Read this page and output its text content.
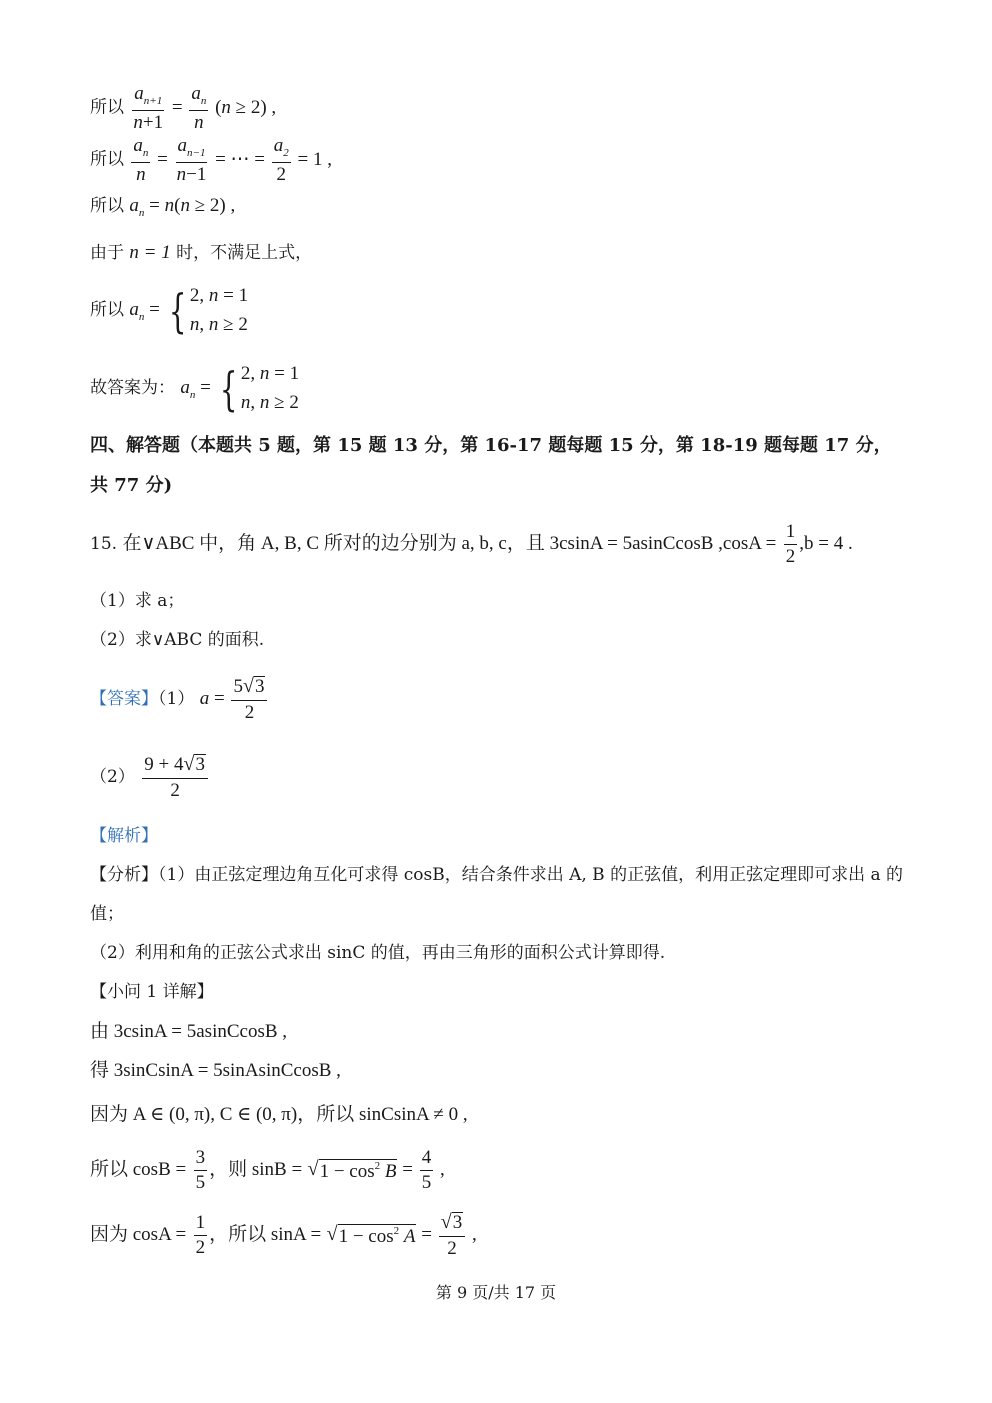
所以 $\frac{a_{n+1}}{n+1} = \frac{a_n}{n} (n \ge 2)$ ,
所以 $\frac{a_n}{n} = \frac{a_{n-1}}{n-1}$ = ⋯ = $\frac{a_2}{2} = 1$ ,
所以 $a_n = n(n \ge 2)$ ,
由于 n = 1 时，不满足上式，
所以 $a_n$ = { 2, n = 1
n, n ≥ 2
故答案为： $a_n$ = { 2, n = 1
n, n ≥ 2
四、解答题（本题共 5 题，第 15 题 13 分，第 16-17 题每题 15 分，第 18-19 题每题 17 分，
共 77 分)
15. 在∨ABC 中，角 A, B, C 所对的边分别为 a, b, c，且 3csinA = 5asinCcosB $,\cos A = \frac{1}{2} ,b = 4$ .
（1）求 a；
（2）求∨ABC 的面积.
【答案】（1） $a = \frac{5 √ 3}{2}$
$(2) \frac{9 + 4 √ 3}{2}$
【解析】
【分析】（1）由正弦定理边角互化可求得 cosB，结合条件求出 A, B 的正弦值，利用正弦定理即可求出 a 的
值；
（2）利用和角的正弦公式求出 sinC 的值，再由三角形的面积公式计算即得.
【小问 1 详解】
由 3csinA = 5asinCcosB ,
得 3sinCsinA = 5sinAsinCcosB ,
因为 A ∈ (0, π), C ∈ (0, π)，所以 sinCsinA ≠ 0 ,
所以 $\cos B = \frac{3}{5}$ ，则 sinB = √ $1 - \cos^2 B = \frac{4}{5}$ ,
因为 $\cos A = \frac{1}{2}$ ，所以 sinA = √ $1 - \cos^2 A = \frac{√ 3}{2}$ ,
第 9 页/共 17 页
